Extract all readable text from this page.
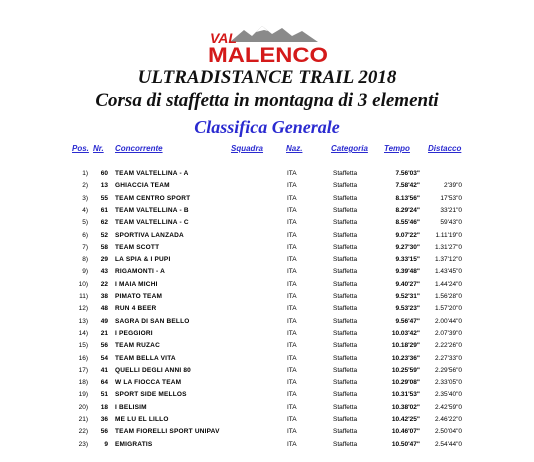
VAL
MALENCO
ULTRADISTANCE TRAIL 2018
Corsa di staffetta in montagna di 3 elementi
Classifica Generale
Pos. Nr. Concorrente	Squadra	Naz.	Categoria Tempo Distacco
1)	60 TEAM VALTELLINA - A	ITA	Staffetta	7.56'03"
2)	13 GHIACCIA TEAM	ITA	Staffetta	7.58'42"	2'39"0
3)	55 TEAM CENTRO SPORT	ITA	Staffetta	8.13'56"	17'53"0
4)	61 TEAM VALTELLINA - B	ITA	Staffetta	8.29'24"	33'21"0
5)	62 TEAM VALTELLINA - C	ITA	Staffetta	8.55'46"	59'43"0
6)	52 SPORTIVA LANZADA	ITA	Staffetta	9.07'22"	1.11'19"0
7)	58 TEAM SCOTT	ITA	Staffetta	9.27'30"	1.31'27"0
8)	29 LA SPIA & I PUPI	ITA	Staffetta	9.33'15"	1.37'12"0
9)	43 RIGAMONTI - A	ITA	Staffetta	9.39'48"	1.43'45"0
10)	22 I MAIA MICHI	ITA	Staffetta	9.40'27"	1.44'24"0
11)	38 PIMATO TEAM	ITA	Staffetta	9.52'31"	1.56'28"0
12)	48 RUN 4 BEER	ITA	Staffetta	9.53'23"	1.57'20"0
13)	49 SAGRA DI SAN BELLO	ITA	Staffetta	9.56'47"	2.00'44"0
14)	21 I PEGGIORI	ITA	Staffetta	10.03'42"	2.07'39"0
15)	56 TEAM RUZAC	ITA	Staffetta	10.18'29"	2.22'26"0
16)	54 TEAM BELLA VITA	ITA	Staffetta	10.23'36"	2.27'33"0
17)	41 QUELLI DEGLI ANNI 80	ITA	Staffetta	10.25'59"	2.29'56"0
18)	64 W LA FIOCCA TEAM	ITA	Staffetta	10.29'08"	2.33'05"0
19)	51 SPORT SIDE MELLOS	ITA	Staffetta	10.31'53"	2.35'40"0
20)	18 I BELISIM	ITA	Staffetta	10.38'02"	2.42'59"0
21)	36 ME LU EL LILLO	ITA	Staffetta	10.42'25"	2.46'22"0
22)	56 TEAM FIORELLI SPORT UNIPAV	ITA	Staffetta	10.46'07"	2.50'04"0
23)	9 EMIGRATIS	ITA	Staffetta	10.50'47"	2.54'44"0
